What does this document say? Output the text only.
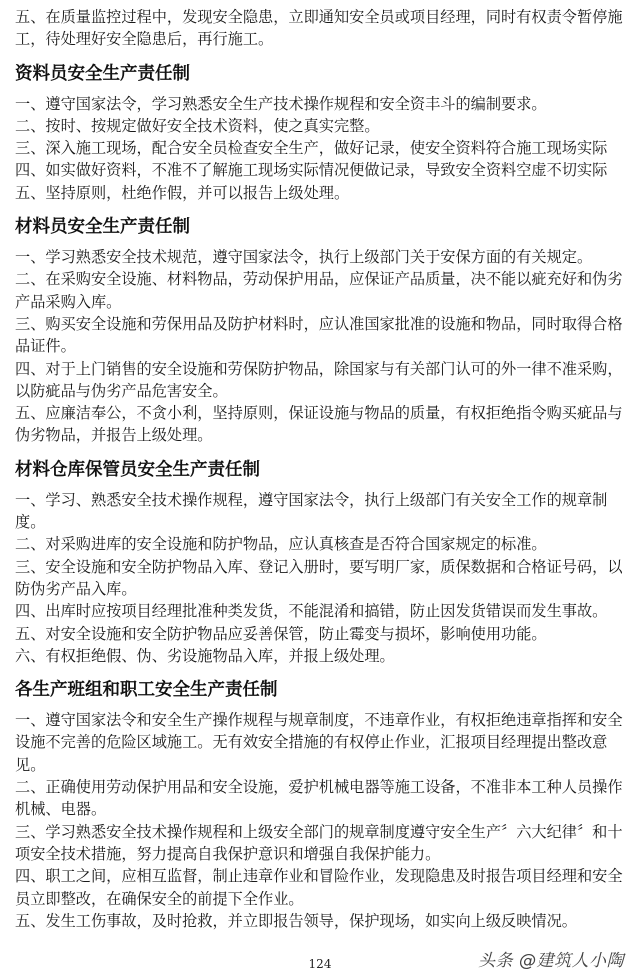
五、在质量监控过程中，发现安全隐患，立即通知安全员或项目经理，同时有权责令暂停施工，待处理好安全隐患后，再行施工。

资料员安全生产责任制

一、遵守国家法令，学习熟悉安全生产技术操作规程和安全资丰斗的编制要求。

二、按时、按规定做好安全技术资料，使之真实完整。

三、深入施工现场，配合安全员检查安全生产，做好记录，使安全资料符合施工现场实际

四、如实做好资料，不准不了解施工现场实际情况便做记录，导致安全资料空虚不切实际

五、坚持原则，杜绝作假，并可以报告上级处理。

材料员安全生产责任制

一、学习熟悉安全技术规范，遵守国家法令，执行上级部门关于安保方面的有关规定。

二、在采购安全设施、材料物品，劳动保护用品，应保证产品质量，决不能以疵充好和伪劣产品采购入库。

三、购买安全设施和劳保用品及防护材料时，应认准国家批准的设施和物品，同时取得合格品证件。

四、对于上门销售的安全设施和劳保防护物品，除国家与有关部门认可的外一律不准采购，以防疵品与伪劣产品危害安全。

五、应廉洁奉公，不贪小利，坚持原则，保证设施与物品的质量，有权拒绝指令购买疵品与伪劣物品，并报告上级处理。

材料仓库保管员安全生产责任制

一、学习、熟悉安全技术操作规程，遵守国家法令，执行上级部门有关安全工作的规章制度。

二、对采购进库的安全设施和防护物品，应认真核查是否符合国家规定的标准。

三、安全设施和安全防护物品入库、登记入册时，要写明厂家，质保数据和合格证号码，以防伪劣产品入库。

四、出库时应按项目经理批准种类发货，不能混淆和搞错，防止因发货错误而发生事故。

五、对安全设施和安全防护物品应妥善保管，防止霉变与损坏，影响使用功能。

六、有权拒绝假、伪、劣设施物品入库，并报上级处理。

各生产班组和职工安全生产责任制

一、遵守国家法令和安全生产操作规程与规章制度，不违章作业，有权拒绝违章指挥和安全设施不完善的危险区域施工。无有效安全措施的有权停止作业，汇报项目经理提出整改意见。

二、正确使用劳动保护用品和安全设施，爱护机械电器等施工设备，不准非本工种人员操作机械、电器。

三、学习熟悉安全技术操作规程和上级安全部门的规章制度遵守安全生产〞六大纪律〞和十项安全技术措施，努力提高自我保护意识和增强自我保护能力。

四、职工之间，应相互监督，制止违章作业和冒险作业，发现隐患及时报告项目经理和安全员立即整改，在确保安全的前提下全作业。

五、发生工伤事故，及时抢救，并立即报告领导，保护现场，如实向上级反映情况。

124	头条 @建筑人小陶
